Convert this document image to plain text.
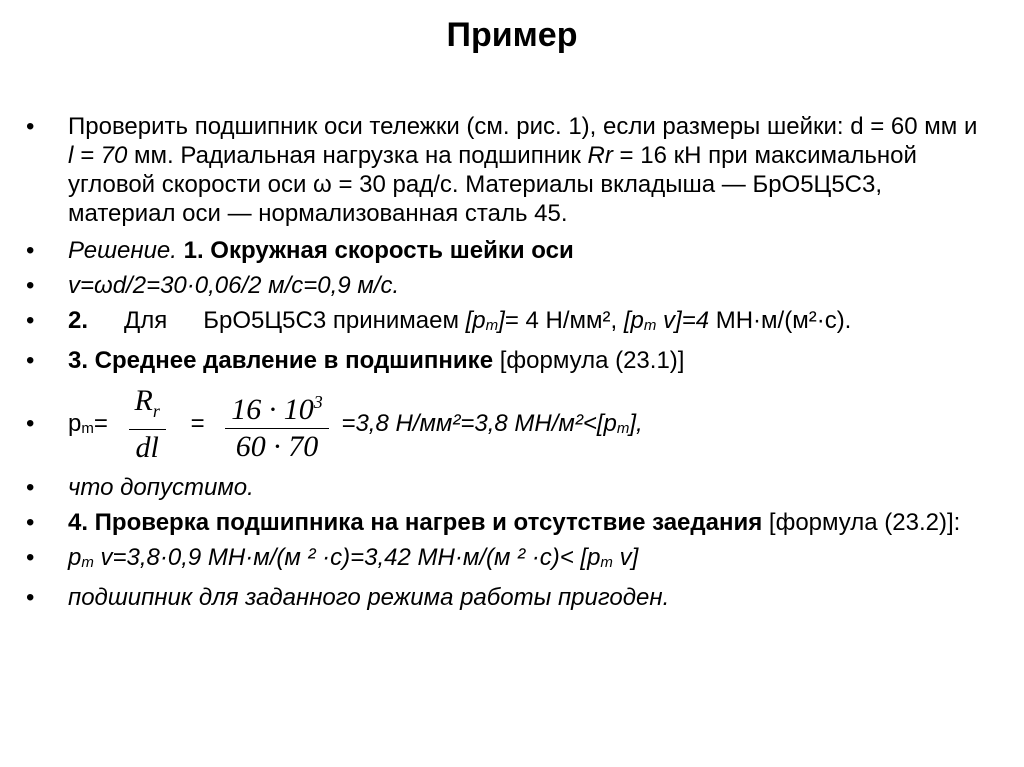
Пример
• Проверить подшипник оси тележки (см. рис. 1), если размеры шейки: d = 60 мм и l = 70 мм. Радиальная нагрузка на подшипник Rr = 16 кН при максимальной угловой скорости оси ω = 30 рад/с. Материалы вкладыша — БрО5Ц5С3, материал оси — нормализованная сталь 45.
• Решение. 1. Окружная скорость шейки оси
• v=ωd/2=30·0,06/2 м/с=0,9 м/с.
• 2. Для БрО5Ц5С3 принимаем $[p_m]= 4$ Н/мм², [$p_m$ v]=4 МН·м/(м²·с).
• 3. Среднее давление в подшипнике [формула (23.1)]
• $p_m= \frac{R_r}{dl} = \frac{16 \cdot 10^3}{60 \cdot 70} =3,8$ Н/мм²=3,8 $МН/м^2<[p_m]$,
• что допустимо.
• 4. Проверка подшипника на нагрев и отсутствие заедания [формула (23.2)]:
• $p_m$ v=3,8·0,9 МН·м/(м ² ·с)=3,42 МН·м/(м $^2 \cdot с)< [p_m$ v]
• подшипник для заданного режима работы пригоден.
